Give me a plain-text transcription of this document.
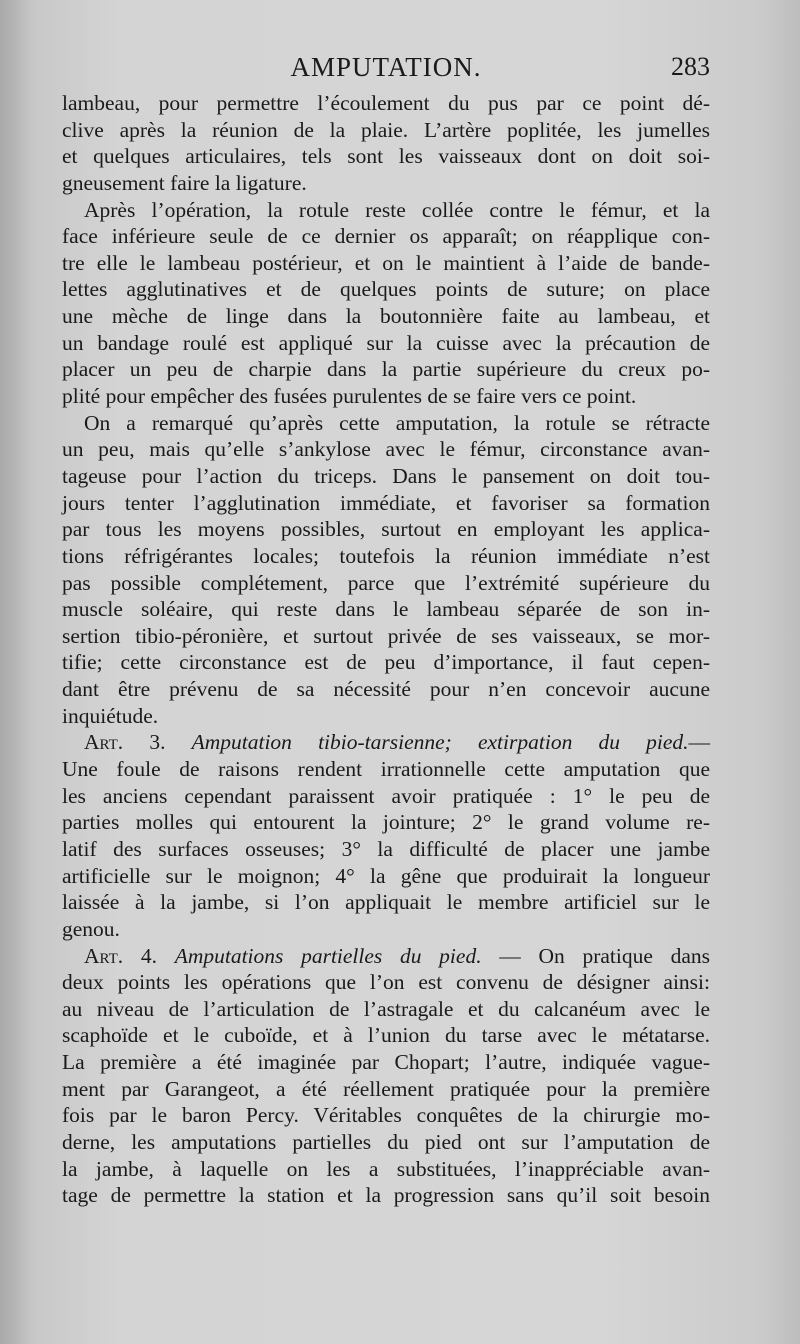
AMPUTATION.	283
lambeau, pour permettre l’écoulement du pus par ce point dé-
clive après la réunion de la plaie. L’artère poplitée, les jumelles
et quelques articulaires, tels sont les vaisseaux dont on doit soi-
gneusement faire la ligature.
Après l’opération, la rotule reste collée contre le fémur, et la
face inférieure seule de ce dernier os apparaît; on réapplique con-
tre elle le lambeau postérieur, et on le maintient à l’aide de bande-
lettes agglutinatives et de quelques points de suture; on place
une mèche de linge dans la boutonnière faite au lambeau, et
un bandage roulé est appliqué sur la cuisse avec la précaution de
placer un peu de charpie dans la partie supérieure du creux po-
plité pour empêcher des fusées purulentes de se faire vers ce point.
On a remarqué qu’après cette amputation, la rotule se rétracte
un peu, mais qu’elle s’ankylose avec le fémur, circonstance avan-
tageuse pour l’action du triceps. Dans le pansement on doit tou-
jours tenter l’agglutination immédiate, et favoriser sa formation
par tous les moyens possibles, surtout en employant les applica-
tions réfrigérantes locales; toutefois la réunion immédiate n’est
pas possible complétement, parce que l’extrémité supérieure du
muscle soléaire, qui reste dans le lambeau séparée de son in-
sertion tibio-péronière, et surtout privée de ses vaisseaux, se mor-
tifie; cette circonstance est de peu d’importance, il faut cepen-
dant être prévenu de sa nécessité pour n’en concevoir aucune
inquiétude.
Art. 3. Amputation tibio-tarsienne; extirpation du pied.—
Une foule de raisons rendent irrationnelle cette amputation que
les anciens cependant paraissent avoir pratiquée : 1° le peu de
parties molles qui entourent la jointure; 2° le grand volume re-
latif des surfaces osseuses; 3° la difficulté de placer une jambe
artificielle sur le moignon; 4° la gêne que produirait la longueur
laissée à la jambe, si l’on appliquait le membre artificiel sur le
genou.
Art. 4. Amputations partielles du pied. — On pratique dans
deux points les opérations que l’on est convenu de désigner ainsi:
au niveau de l’articulation de l’astragale et du calcanéum avec le
scaphoïde et le cuboïde, et à l’union du tarse avec le métatarse.
La première a été imaginée par Chopart; l’autre, indiquée vague-
ment par Garangeot, a été réellement pratiquée pour la première
fois par le baron Percy. Véritables conquêtes de la chirurgie mo-
derne, les amputations partielles du pied ont sur l’amputation de
la jambe, à laquelle on les a substituées, l’inappréciable avan-
tage de permettre la station et la progression sans qu’il soit besoin
